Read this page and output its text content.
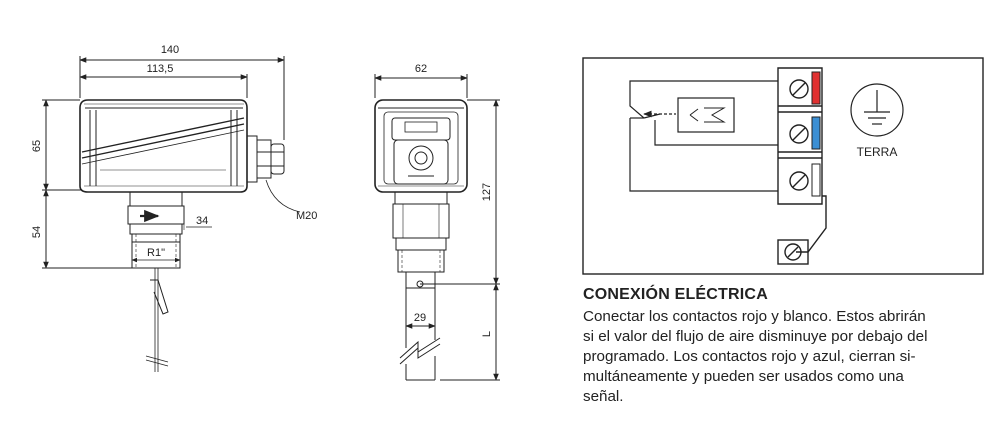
140
113,5
65
54
34
R1"
M20
62
127
29
L
TERRA
CONEXIÓN ELÉCTRICA

Conectar los contactos rojo y blanco. Estos abrirán

si el valor del flujo de aire disminuye por debajo del

programado. Los contactos rojo y azul, cierran si-

multáneamente y pueden ser usados como una

señal.
